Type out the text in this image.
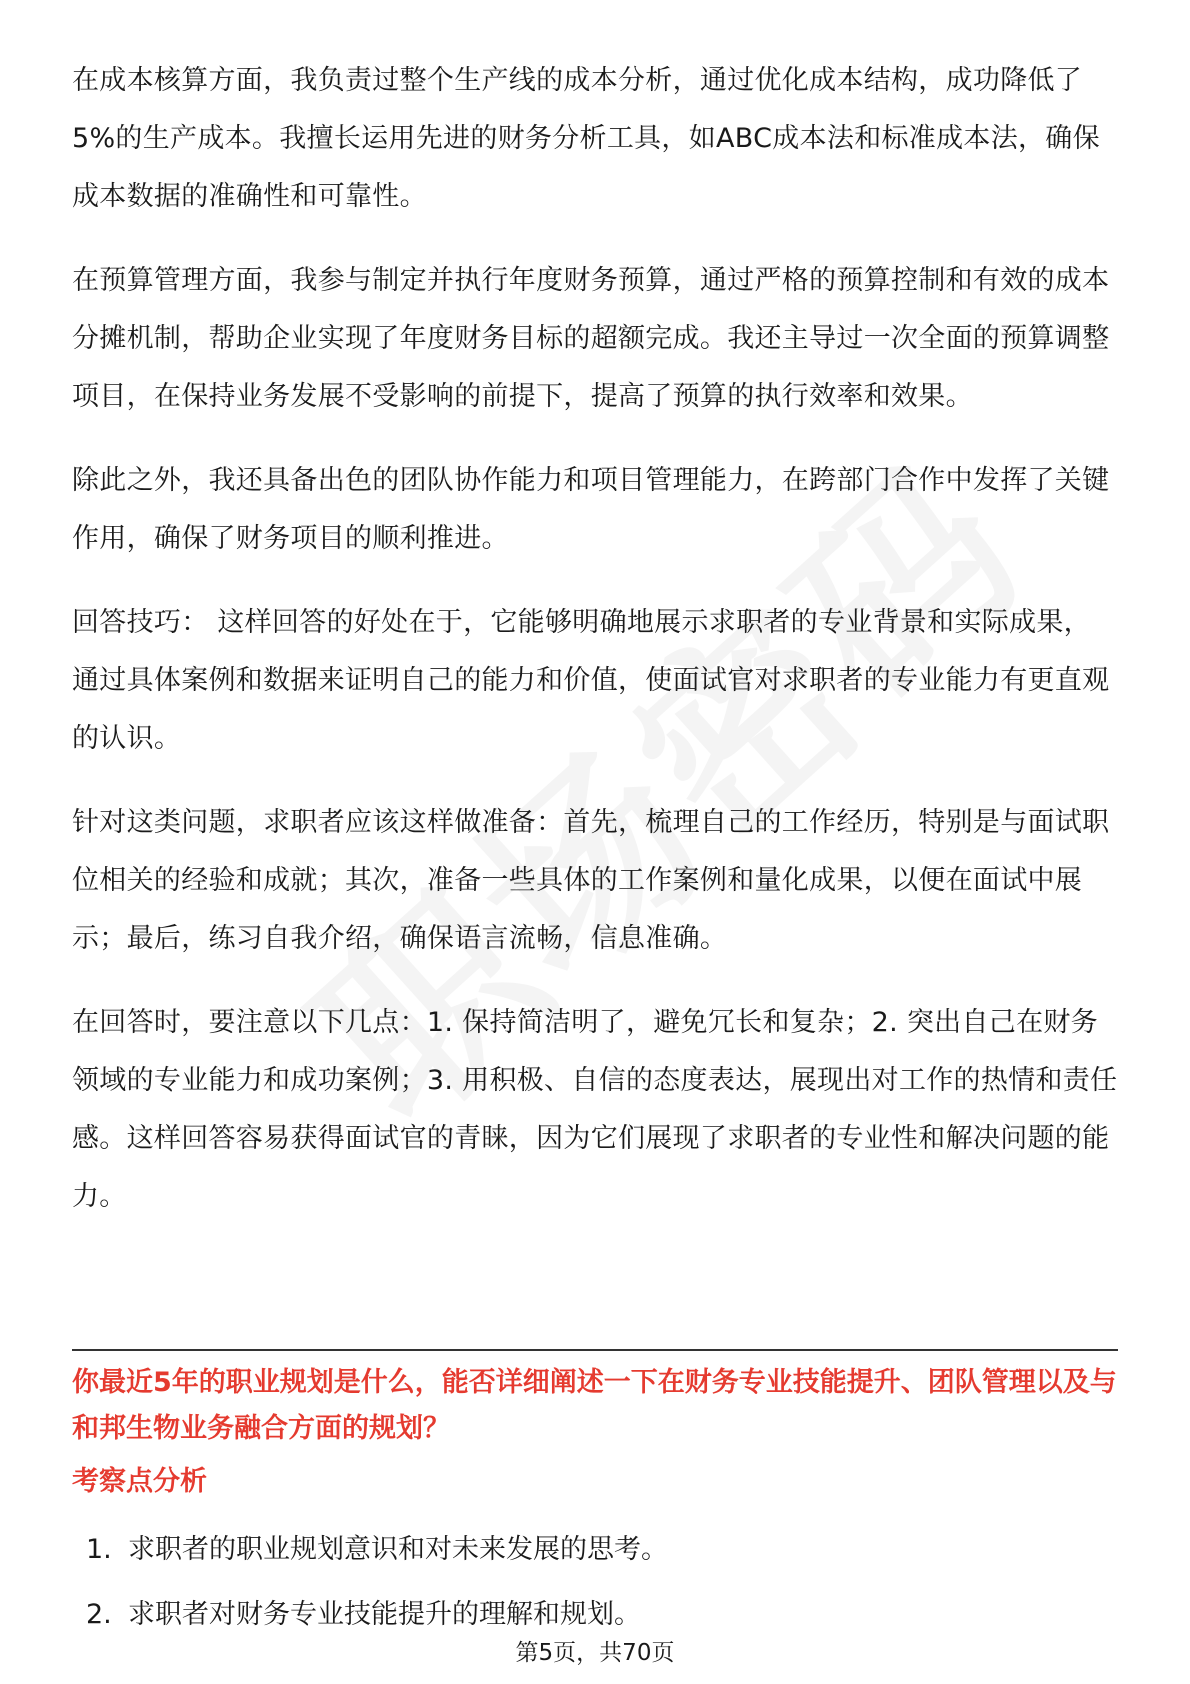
在成本核算方面，我负责过整个生产线的成本分析，通过优化成本结构，成功降低了5%的生产成本。我擅长运用先进的财务分析工具，如ABC成本法和标准成本法，确保成本数据的准确性和可靠性。

在预算管理方面，我参与制定并执行年度财务预算，通过严格的预算控制和有效的成本分摊机制，帮助企业实现了年度财务目标的超额完成。我还主导过一次全面的预算调整项目，在保持业务发展不受影响的前提下，提高了预算的执行效率和效果。

除此之外，我还具备出色的团队协作能力和项目管理能力，在跨部门合作中发挥了关键作用，确保了财务项目的顺利推进。

回答技巧： 这样回答的好处在于，它能够明确地展示求职者的专业背景和实际成果，通过具体案例和数据来证明自己的能力和价值，使面试官对求职者的专业能力有更直观的认识。

针对这类问题，求职者应该这样做准备：首先，梳理自己的工作经历，特别是与面试职位相关的经验和成就；其次，准备一些具体的工作案例和量化成果，以便在面试中展示；最后，练习自我介绍，确保语言流畅，信息准确。

在回答时，要注意以下几点：1. 保持简洁明了，避免冗长和复杂；2. 突出自己在财务领域的专业能力和成功案例；3. 用积极、自信的态度表达，展现出对工作的热情和责任感。这样回答容易获得面试官的青睐，因为它们展现了求职者的专业性和解决问题的能力。

你最近5年的职业规划是什么，能否详细阐述一下在财务专业技能提升、团队管理以及与和邦生物业务融合方面的规划？

考察点分析

1. 求职者的职业规划意识和对未来发展的思考。
2. 求职者对财务专业技能提升的理解和规划。
第5页，共70页
